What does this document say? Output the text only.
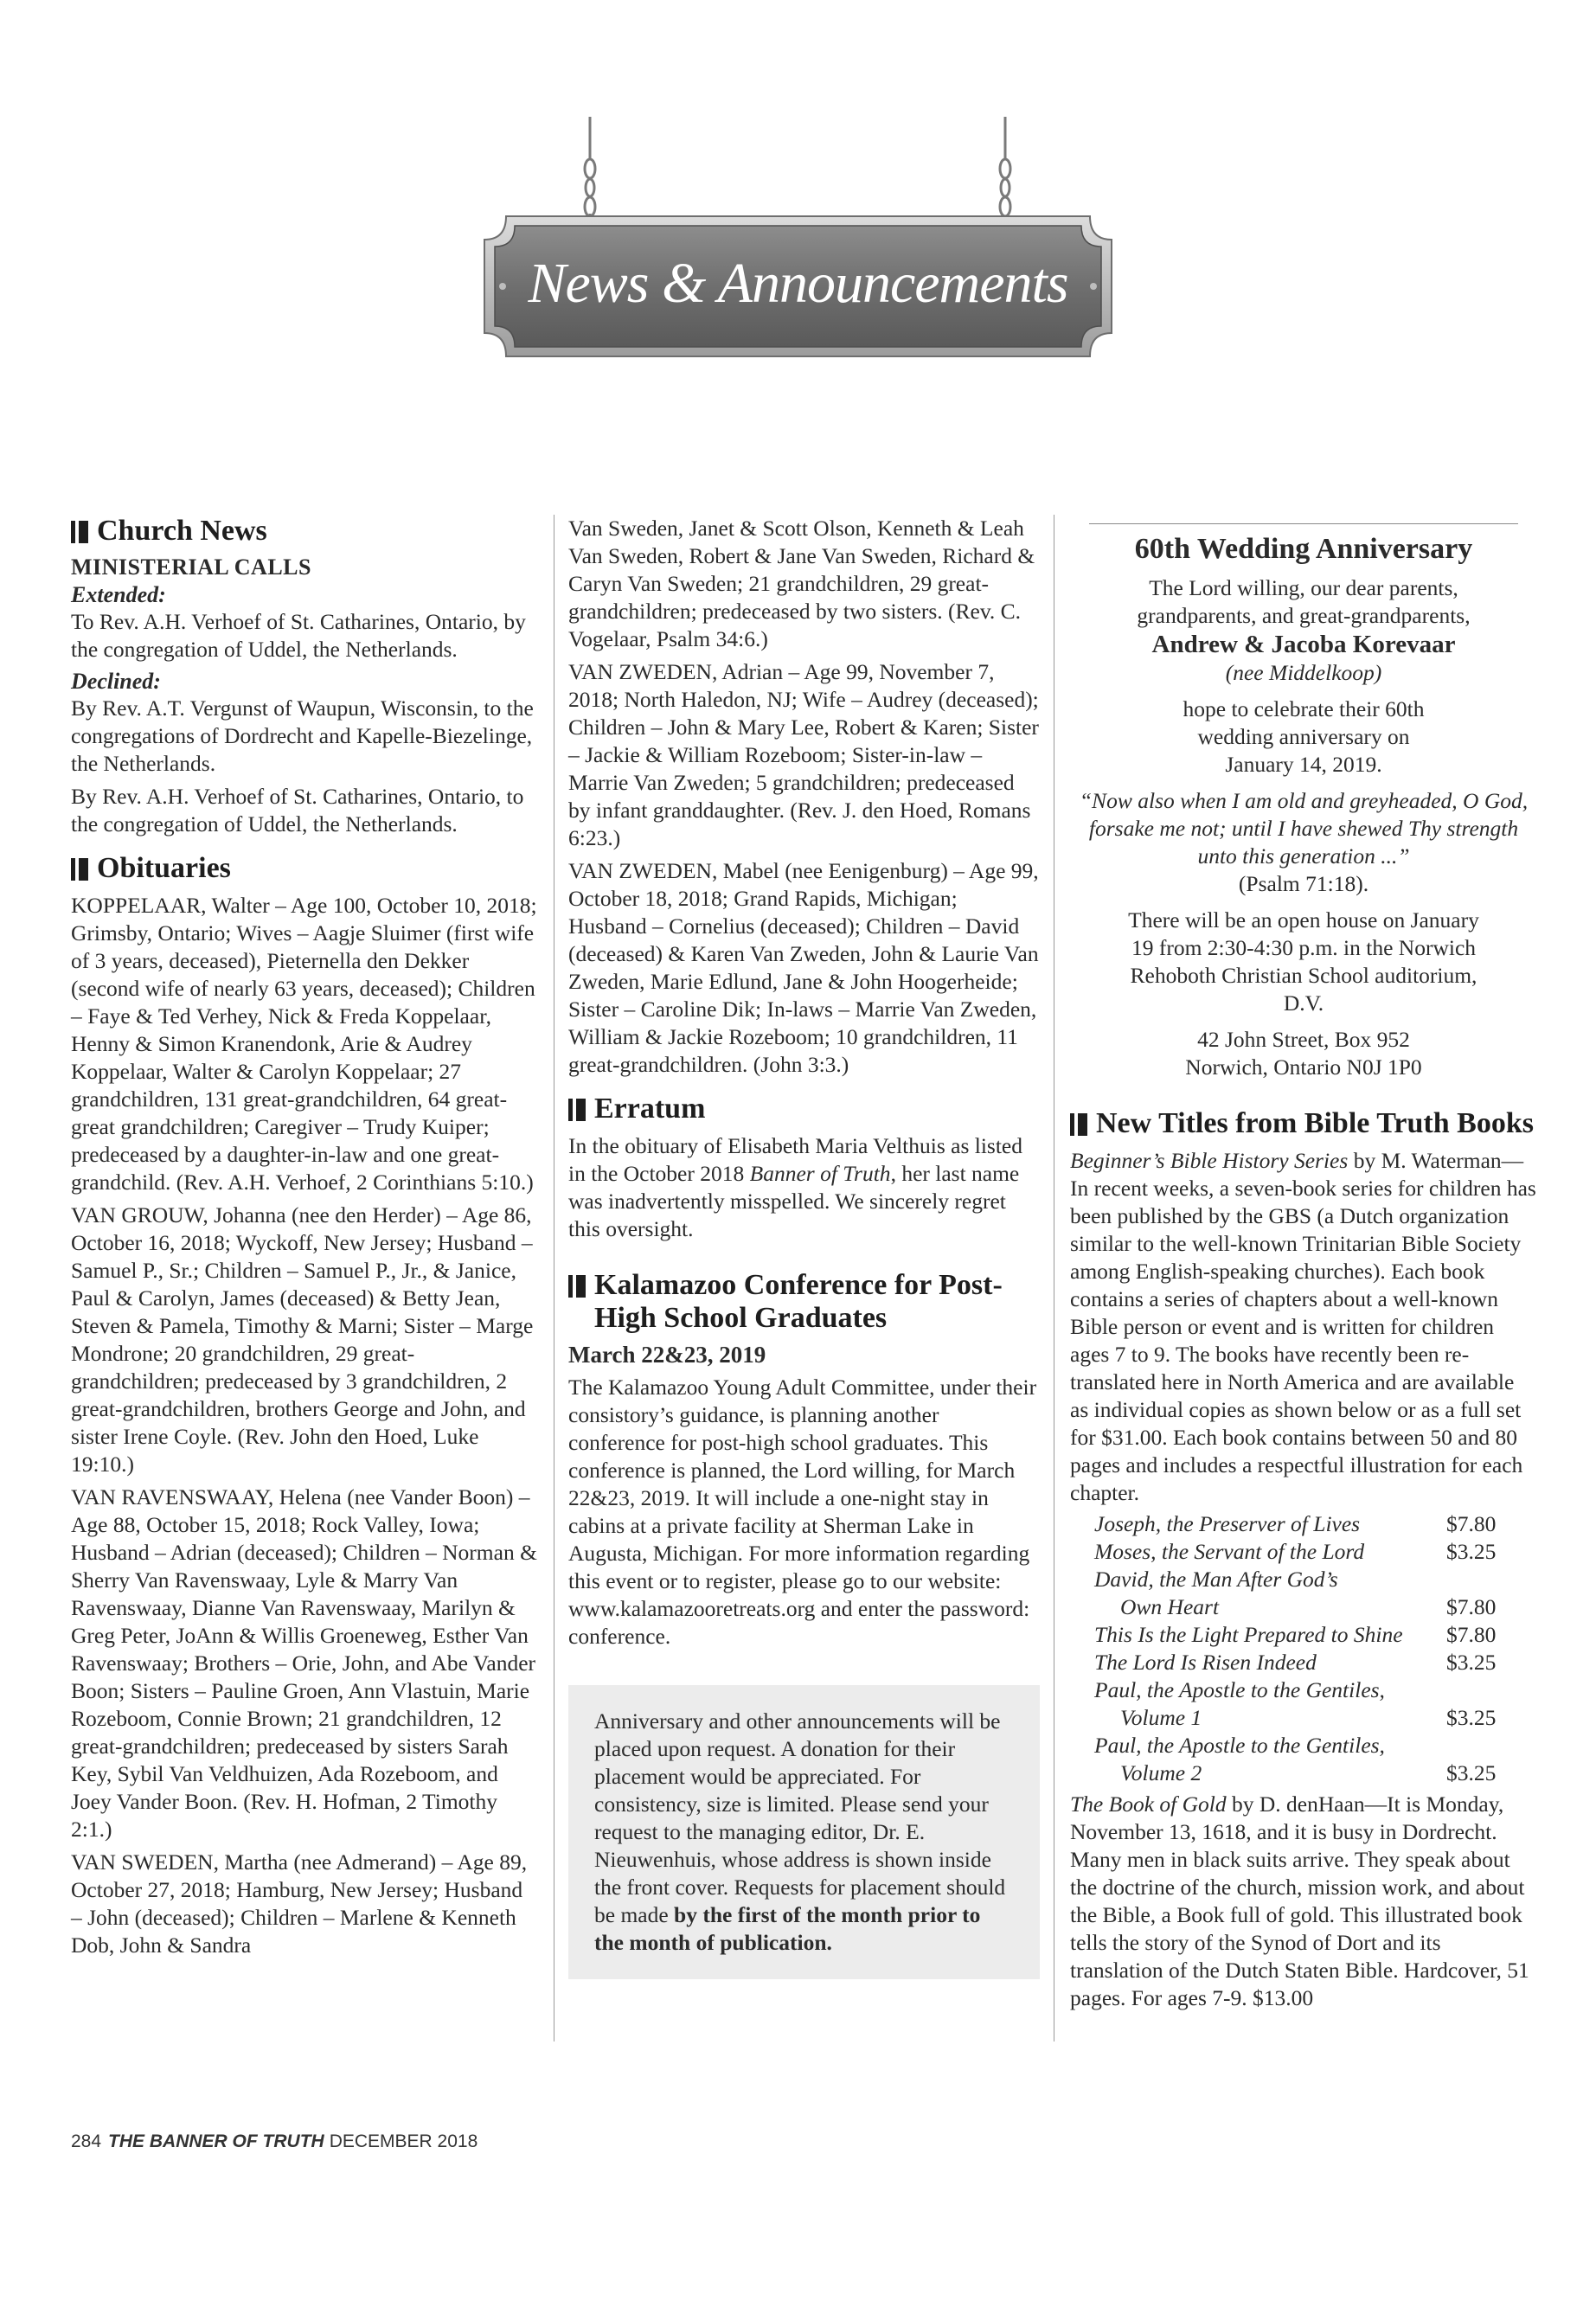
News & Announcements
Church News
MINISTERIAL CALLS
Extended:

To Rev. A.H. Verhoef of St. Catharines, Ontario, by the congregation of Uddel, the Netherlands.

Declined:

By Rev. A.T. Vergunst of Waupun, Wisconsin, to the congregations of Dordrecht and Kapelle-Biezelinge, the Netherlands.

By Rev. A.H. Verhoef of St. Catharines, Ontario, to the congregation of Uddel, the Netherlands.

Obituaries

KOPPELAAR, Walter – Age 100, October 10, 2018; Grimsby, Ontario; Wives – Aagje Sluimer (first wife of 3 years, deceased), Pieternella den Dekker (second wife of nearly 63 years, deceased); Children – Faye & Ted Verhey, Nick & Freda Koppelaar, Henny & Simon Kranendonk, Arie & Audrey Koppelaar, Walter & Carolyn Koppelaar; 27 grandchildren, 131 great-grandchildren, 64 great-great grandchildren; Caregiver – Trudy Kuiper; predeceased by a daughter-in-law and one great-grandchild. (Rev. A.H. Verhoef, 2 Corinthians 5:10.)

VAN GROUW, Johanna (nee den Herder) – Age 86, October 16, 2018; Wyckoff, New Jersey; Husband – Samuel P., Sr.; Children – Samuel P., Jr., & Janice, Paul & Carolyn, James (deceased) & Betty Jean, Steven & Pamela, Timothy & Marni; Sister – Marge Mondrone; 20 grandchildren, 29 great-grandchildren; predeceased by 3 grandchildren, 2 great-grandchildren, brothers George and John, and sister Irene Coyle. (Rev. John den Hoed, Luke 19:10.)

VAN RAVENSWAAY, Helena (nee Vander Boon) – Age 88, October 15, 2018; Rock Valley, Iowa; Husband – Adrian (deceased); Children – Norman & Sherry Van Ravenswaay, Lyle & Marry Van Ravenswaay, Dianne Van Ravenswaay, Marilyn & Greg Peter, JoAnn & Willis Groeneweg, Esther Van Ravenswaay; Brothers – Orie, John, and Abe Vander Boon; Sisters – Pauline Groen, Ann Vlastuin, Marie Rozeboom, Connie Brown; 21 grandchildren, 12 great-grandchildren; predeceased by sisters Sarah Key, Sybil Van Veldhuizen, Ada Rozeboom, and Joey Vander Boon. (Rev. H. Hofman, 2 Timothy 2:1.)

VAN SWEDEN, Martha (nee Admerand) – Age 89, October 27, 2018; Hamburg, New Jersey; Husband – John (deceased); Children – Marlene & Kenneth Dob, John & Sandra

Van Sweden, Janet & Scott Olson, Kenneth & Leah Van Sweden, Robert & Jane Van Sweden, Richard & Caryn Van Sweden; 21 grandchildren, 29 great-grandchildren; predeceased by two sisters. (Rev. C. Vogelaar, Psalm 34:6.)

VAN ZWEDEN, Adrian – Age 99, November 7, 2018; North Haledon, NJ; Wife – Audrey (deceased); Children – John & Mary Lee, Robert & Karen; Sister – Jackie & William Rozeboom; Sister-in-law – Marrie Van Zweden; 5 grandchildren; predeceased by infant granddaughter. (Rev. J. den Hoed, Romans 6:23.)

VAN ZWEDEN, Mabel (nee Eenigenburg) – Age 99, October 18, 2018; Grand Rapids, Michigan; Husband – Cornelius (deceased); Children – David (deceased) & Karen Van Zweden, John & Laurie Van Zweden, Marie Edlund, Jane & John Hoogerheide; Sister – Caroline Dik; In-laws – Marrie Van Zweden, William & Jackie Rozeboom; 10 grandchildren, 11 great-grandchildren. (John 3:3.)

Erratum

In the obituary of Elisabeth Maria Velthuis as listed in the October 2018 Banner of Truth, her last name was inadvertently misspelled. We sincerely regret this oversight.

Kalamazoo Conference for Post-High School Graduates
March 22&23, 2019

The Kalamazoo Young Adult Committee, under their consistory’s guidance, is planning another conference for post-high school graduates. This conference is planned, the Lord willing, for March 22&23, 2019. It will include a one-night stay in cabins at a private facility at Sherman Lake in Augusta, Michigan. For more information regarding this event or to register, please go to our website: www.kalamazooretreats.org and enter the password: conference.

Anniversary and other announcements will be placed upon request. A donation for their placement would be appreciated. For consistency, size is limited. Please send your request to the managing editor, Dr. E. Nieuwenhuis, whose address is shown inside the front cover. Requests for placement should be made by the first of the month prior to the month of publication.
60th Wedding Anniversary

The Lord willing, our dear parents, grandparents, and great-grandparents,

Andrew & Jacoba Korevaar

(nee Middelkoop)

hope to celebrate their 60th wedding anniversary on January 14, 2019.

“Now also when I am old and greyheaded, O God, forsake me not; until I have shewed Thy strength unto this generation ...”

(Psalm 71:18).

There will be an open house on January 19 from 2:30-4:30 p.m. in the Norwich Rehoboth Christian School auditorium, D.V.

42 John Street, Box 952

Norwich, Ontario N0J 1P0

New Titles from Bible Truth Books

Beginner’s Bible History Series by M. Waterman—In recent weeks, a seven-book series for children has been published by the GBS (a Dutch organization similar to the well-known Trinitarian Bible Society among English-speaking churches). Each book contains a series of chapters about a well-known Bible person or event and is written for children ages 7 to 9. The books have recently been re-translated here in North America and are available as individual copies as shown below or as a full set for $31.00. Each book contains between 50 and 80 pages and includes a respectful illustration for each chapter.

Joseph, the Preserver of Lives	$7.80
Moses, the Servant of the Lord	$3.25
David, the Man After God’s	
Own Heart	$7.80
This Is the Light Prepared to Shine	$7.80
The Lord Is Risen Indeed	$3.25
Paul, the Apostle to the Gentiles,	
Volume 1	$3.25
Paul, the Apostle to the Gentiles,	
Volume 2	$3.25

The Book of Gold by D. denHaan—It is Monday, November 13, 1618, and it is busy in Dordrecht. Many men in black suits arrive. They speak about the doctrine of the church, mission work, and about the Bible, a Book full of gold. This illustrated book tells the story of the Synod of Dort and its translation of the Dutch Staten Bible. Hardcover, 51 pages. For ages 7-9. $13.00

284 THE BANNER OF TRUTH DECEMBER 2018
